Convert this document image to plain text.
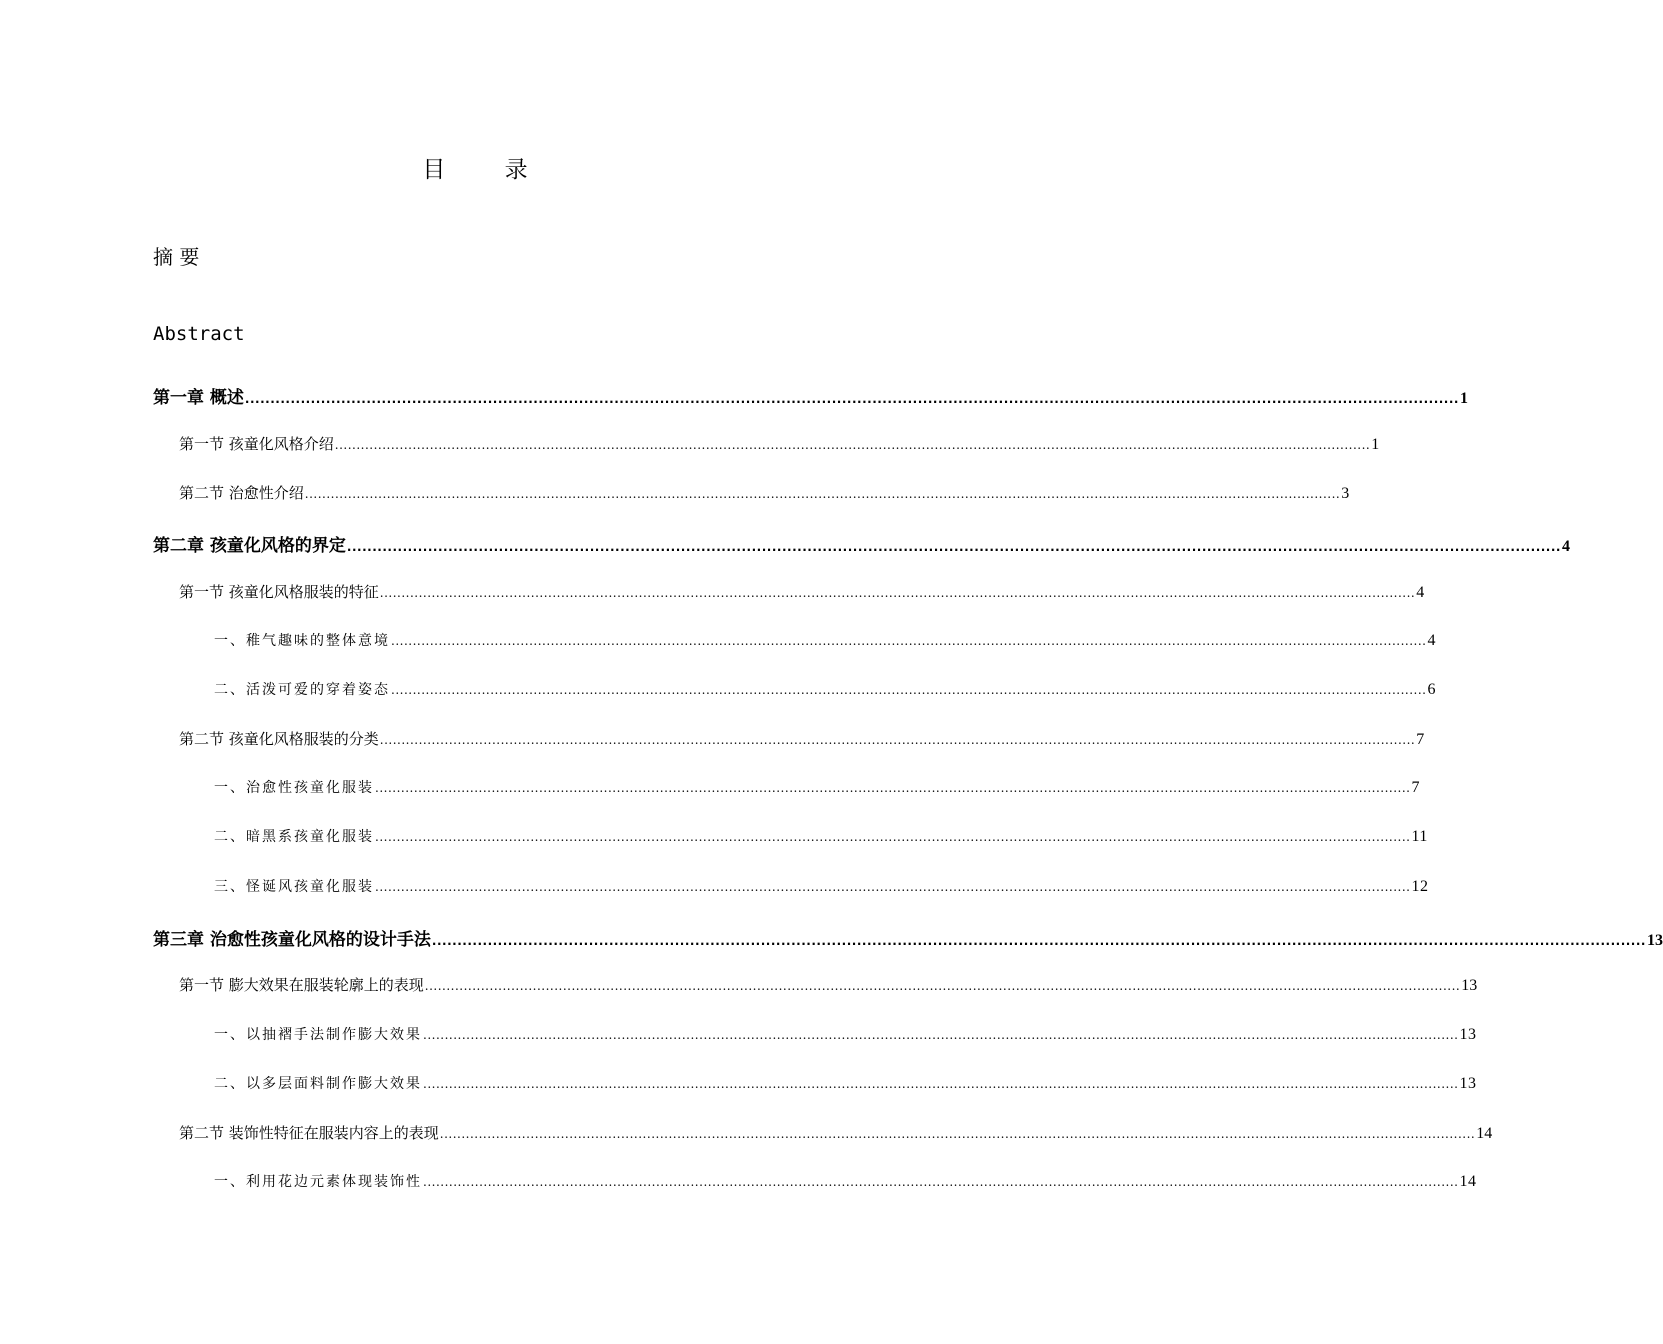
目 录
摘 要
Abstract
第一章 概述 ................................................................................................................................................................................................................................................ 1
第一节 孩童化风格介绍 ................................................................................................................................................................................................................................................ 1
第二节 治愈性介绍 ................................................................................................................................................................................................................................................ 3
第二章 孩童化风格的界定 ................................................................................................................................................................................................................................................ 4
第一节 孩童化风格服装的特征 ................................................................................................................................................................................................................................................ 4
一、稚气趣味的整体意境 ................................................................................................................................................................................................................................................ 4
二、活泼可爱的穿着姿态 ................................................................................................................................................................................................................................................ 6
第二节 孩童化风格服装的分类 ................................................................................................................................................................................................................................................ 7
一、治愈性孩童化服装 ................................................................................................................................................................................................................................................ 7
二、暗黑系孩童化服装 ................................................................................................................................................................................................................................................ 11
三、怪诞风孩童化服装 ................................................................................................................................................................................................................................................ 12
第三章 治愈性孩童化风格的设计手法 ................................................................................................................................................................................................................................................ 13
第一节 膨大效果在服装轮廓上的表现 ................................................................................................................................................................................................................................................ 13
一、以抽褶手法制作膨大效果 ................................................................................................................................................................................................................................................ 13
二、以多层面料制作膨大效果 ................................................................................................................................................................................................................................................ 13
第二节 装饰性特征在服装内容上的表现 ................................................................................................................................................................................................................................................ 14
一、利用花边元素体现装饰性 ................................................................................................................................................................................................................................................ 14
